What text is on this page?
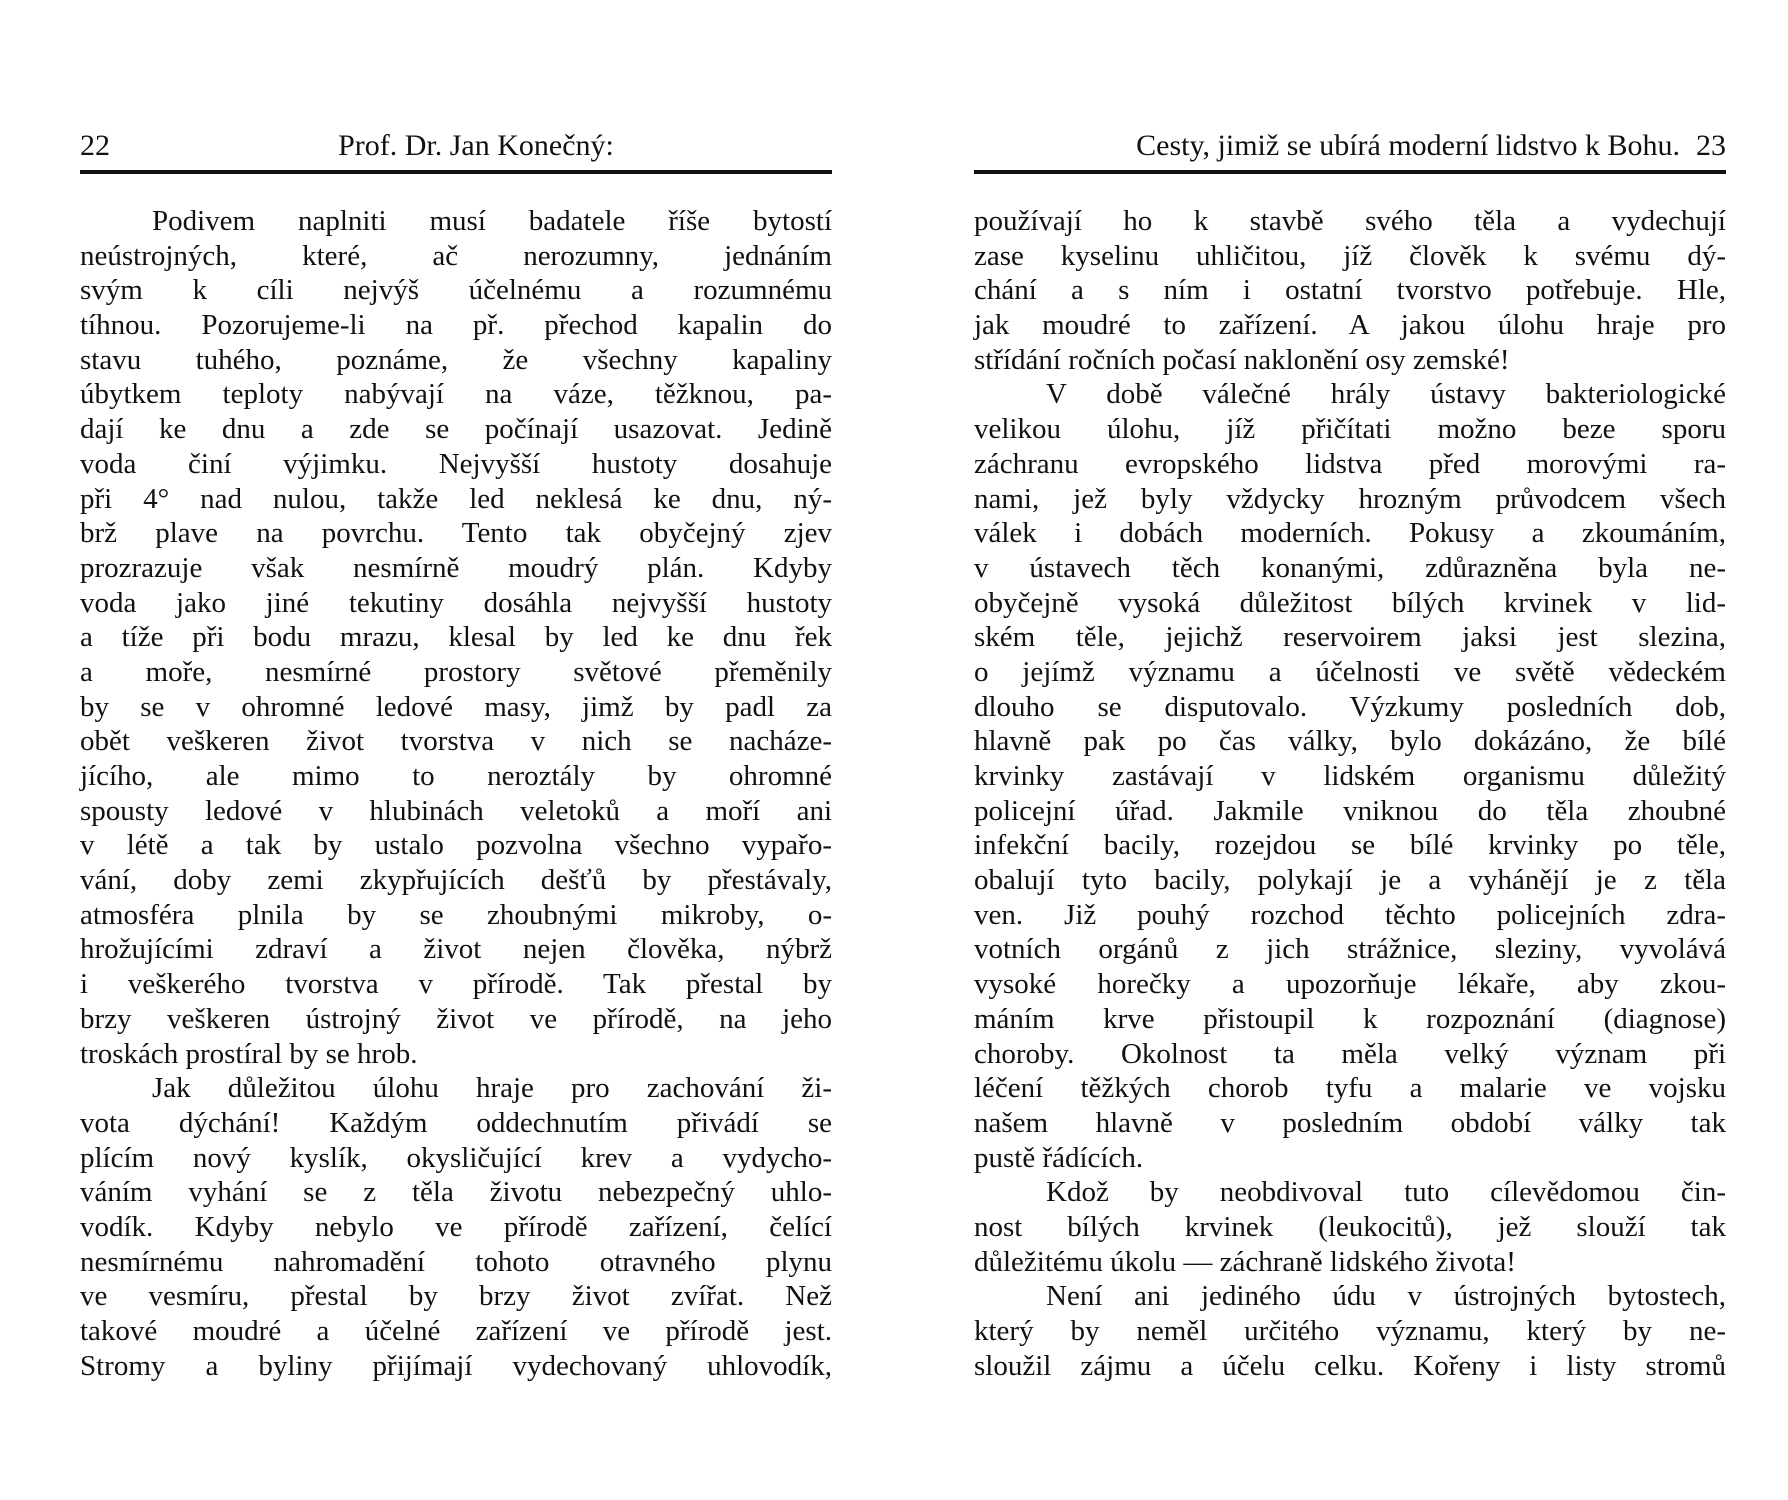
22	Prof. Dr. Jan Konečný:
Podivem naplniti musí badatele říše bytostí
neústrojných, které, ač nerozumny, jednáním
svým k cíli nejvýš účelnému a rozumnému
tíhnou. Pozorujeme-li na př. přechod kapalin do
stavu tuhého, poznáme, že všechny kapaliny
úbytkem teploty nabývají na váze, těžknou, pa-
dají ke dnu a zde se počínají usazovat. Jedině
voda činí výjimku. Nejvyšší hustoty dosahuje
při 4° nad nulou, takže led neklesá ke dnu, ný-
brž plave na povrchu. Tento tak obyčejný zjev
prozrazuje však nesmírně moudrý plán. Kdyby
voda jako jiné tekutiny dosáhla nejvyšší hustoty
a tíže při bodu mrazu, klesal by led ke dnu řek
a moře, nesmírné prostory světové přeměnily
by se v ohromné ledové masy, jimž by padl za
obět veškeren život tvorstva v nich se nacháze-
jícího, ale mimo to neroztály by ohromné
spousty ledové v hlubinách veletoků a moří ani
v létě a tak by ustalo pozvolna všechno vypařo-
vání, doby zemi zkypřujících dešťů by přestávaly,
atmosféra plnila by se zhoubnými mikroby, o-
hrožujícími zdraví a život nejen člověka, nýbrž
i veškerého tvorstva v přírodě. Tak přestal by
brzy veškeren ústrojný život ve přírodě, na jeho
troskách prostíral by se hrob.
Jak důležitou úlohu hraje pro zachování ži-
vota dýchání! Každým oddechnutím přivádí se
plícím nový kyslík, okysličující krev a vydycho-
váním vyhání se z těla životu nebezpečný uhlo-
vodík. Kdyby nebylo ve přírodě zařízení, čelící
nesmírnému nahromadění tohoto otravného plynu
ve vesmíru, přestal by brzy život zvířat. Než
takové moudré a účelné zařízení ve přírodě jest.
Stromy a byliny přijímají vydechovaný uhlovodík,
Cesty, jimiž se ubírá moderní lidstvo k Bohu. 23
používají ho k stavbě svého těla a vydechují
zase kyselinu uhličitou, jíž člověk k svému dý-
chání a s ním i ostatní tvorstvo potřebuje. Hle,
jak moudré to zařízení. A jakou úlohu hraje pro
střídání ročních počasí naklonění osy zemské!
V době válečné hrály ústavy bakteriologické
velikou úlohu, jíž přičítati možno beze sporu
záchranu evropského lidstva před morovými ra-
nami, jež byly vždycky hrozným průvodcem všech
válek i dobách moderních. Pokusy a zkoumáním,
v ústavech těch konanými, zdůrazněna byla ne-
obyčejně vysoká důležitost bílých krvinek v lid-
ském těle, jejichž reservoirem jaksi jest slezina,
o jejímž významu a účelnosti ve světě vědeckém
dlouho se disputovalo. Výzkumy posledních dob,
hlavně pak po čas války, bylo dokázáno, že bílé
krvinky zastávají v lidském organismu důležitý
policejní úřad. Jakmile vniknou do těla zhoubné
infekční bacily, rozejdou se bílé krvinky po těle,
obalují tyto bacily, polykají je a vyhánějí je z těla
ven. Již pouhý rozchod těchto policejních zdra-
votních orgánů z jich strážnice, sleziny, vyvolává
vysoké horečky a upozorňuje lékaře, aby zkou-
máním krve přistoupil k rozpoznání (diagnose)
choroby. Okolnost ta měla velký význam při
léčení těžkých chorob tyfu a malarie ve vojsku
našem hlavně v posledním období války tak
pustě řádících.
Kdož by neobdivoval tuto cílevědomou čin-
nost bílých krvinek (leukocitů), jež slouží tak
důležitému úkolu — záchraně lidského života!
Není ani jediného údu v ústrojných bytostech,
který by neměl určitého významu, který by ne-
sloužil zájmu a účelu celku. Kořeny i listy stromů
